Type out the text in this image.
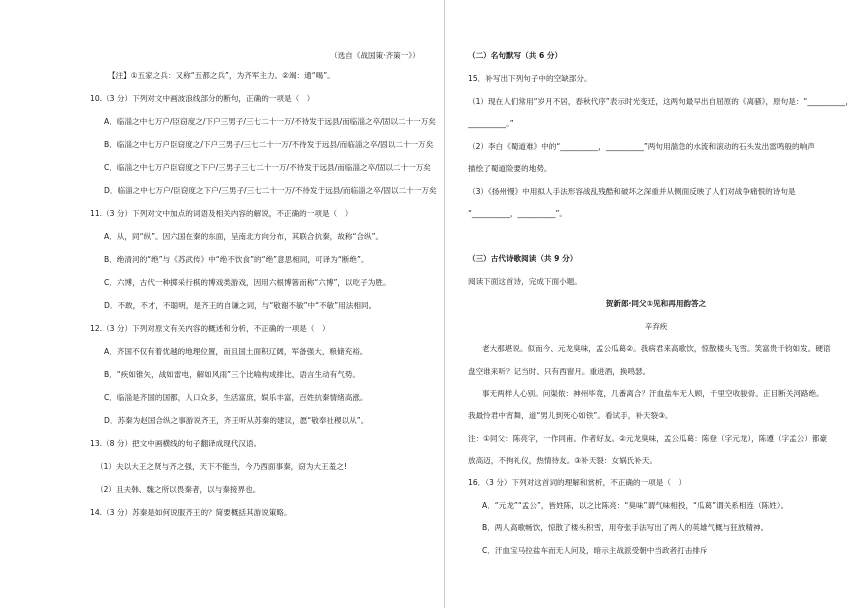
（选自《战国策·齐策一》）
【注】①五家之兵：又称“五都之兵”，为齐军主力。②竭：通“喝”。
10.（3 分）下列对文中画波浪线部分的断句，正确的一项是（　）
A．临淄之中七万户/臣窃度之/下户三男子/三七二十一万/不待发于远县/而临淄之卒/固以二十一万矣
B．临淄之中七万户臣窃度之/下户三男子/三七二十一万/不待发于远县/而临淄之卒/固以二十一万矣
C．临淄之中七万户臣窃度之下户/三男子三七二十一万/不待发于远县/而临淄之卒/固以二十一万矣
D．临淄之中七万户/臣窃度之下户/三男子/三七二十一万/不待发于远县/而临淄之卒/固以二十一万矣
11.（3 分）下列对文中加点的词语及相关内容的解说，不正确的一项是（　）
A．从，同“纵”。因六国在秦的东面，呈南北方向分布，其联合抗秦，故称“合纵”。
B．绝清河的“绝”与《苏武传》中“绝不饮食”的“绝”意思相同，可译为“断绝”。
C．六博，古代一种掷采行棋的博戏类游戏，因用六根博箸而称“六博”，以吃子为胜。
D．不敢，不才，不聪明，是齐王的自谦之词，与“敬谢不敏”中“不敏”用法相同。
12.（3 分）下列对原文有关内容的概述和分析，不正确的一项是（　）
A．齐国不仅有着优越的地理位置，而且国土面积辽阔，军备强大，粮储充裕。
B．“疾如锥矢，战如雷电，解如风雨”三个比喻构成排比，语言生动有气势。
C．临淄是齐国的国都，人口众多，生活富庶，娱乐丰富，百姓抗秦情绪高涨。
D．苏秦为赵国合纵之事游说齐王，齐王听从苏秦的建议，愿“敬奉社稷以从”。
13.（8 分）把文中画横线的句子翻译成现代汉语。
（1）夫以大王之贤与齐之强，天下不能当，今乃西面事秦，窃为大王羞之!
（2）且夫韩、魏之所以畏秦者，以与秦接界也。
14.（3 分）苏秦是如何说服齐王的？简要概括其游说策略。
（二）名句默写（共 6 分）
15．补写出下列句子中的空缺部分。
（1）现在人们常用“岁月不居，春秋代序”表示时光变迁，这两句最早出自屈原的《离骚》，原句是：“__________，
__________。”
（2）李白《蜀道难》中的“__________，__________”两句用湍急的水流和滚动的石头发出雷鸣般的响声
描绘了蜀道险要的地势。
（3）《扬州慢》中用拟人手法形容战乱残酷和破坏之深重并从侧面反映了人们对战争痛恨的诗句是
“__________，__________”。
（三）古代诗歌阅读（共 9 分）
阅读下面这首诗，完成下面小题。
贺新郎·同父①见和再用韵答之
辛弃疾
老大那堪说。似而今、元龙臭味，孟公瓜葛②。我病君来高歌饮，惊散楼头飞雪。笑富贵千钧如发。硬语
盘空谁来听？记当时、只有西窗月。重进酒，换鸣瑟。
事无两样人心别。问渠侬：神州毕竟，几番离合？汗血盐车无人顾，千里空收骏骨。正目断关河路绝。
我最怜君中宵舞，道“男儿到死心如铁”。看试手，补天裂③。
注：①同父：陈亮字，一作同甫。作者好友。②元龙臭味，孟公瓜葛：陈登（字元龙），陈遵（字孟公）都豪
放高迈，不拘礼仪，热情待友。③补天裂：女娲氏补天。
16．（3 分）下列对这首词的理解和赏析，不正确的一项是（　）
A．“元龙”“孟公”，皆姓陈，以之比陈亮：“臭味”谓气味相投，“瓜葛”谓关系相连（陈姓）。
B．两人高歌畅饮，惊散了楼头积雪，用夸张手法写出了两人的英雄气概与狂放精神。
C．汗血宝马拉盐车而无人问及，暗示主战派受朝中当政者打击排斥
